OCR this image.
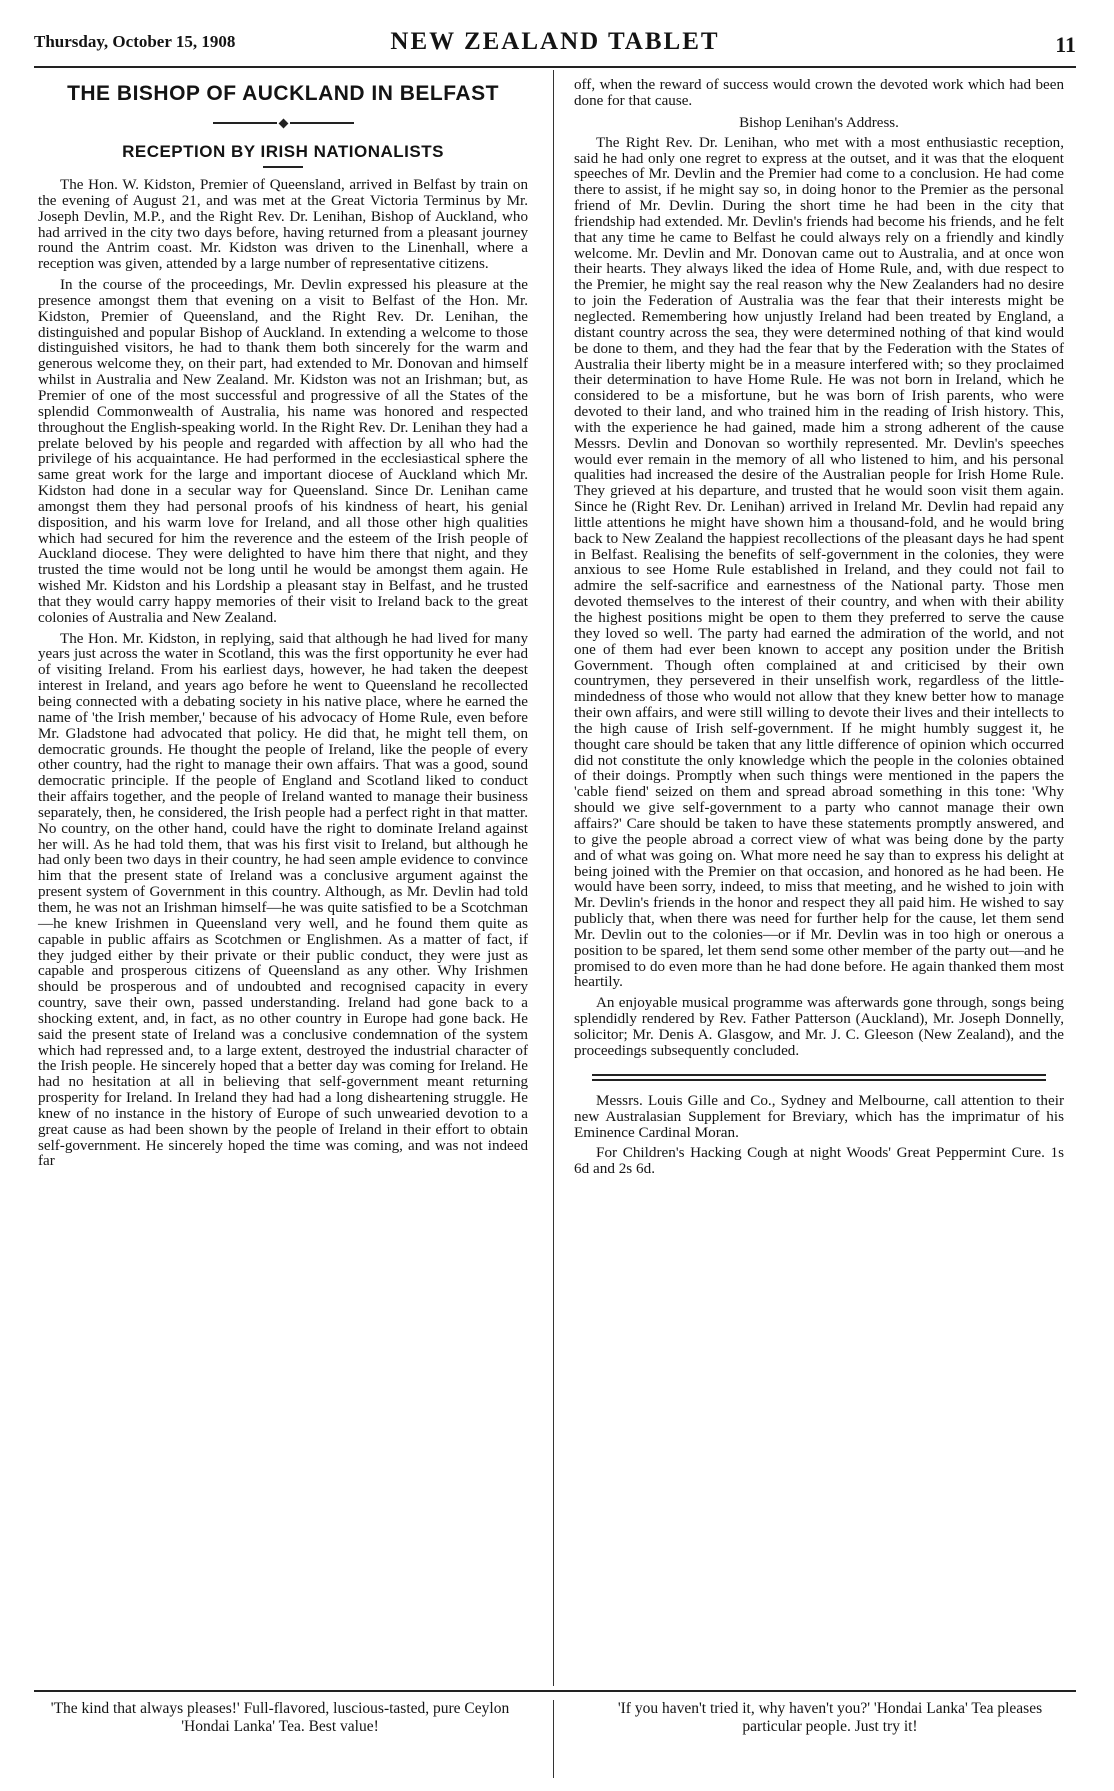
Thursday, October 15, 1908	NEW ZEALAND TABLET	11
THE BISHOP OF AUCKLAND IN BELFAST
RECEPTION BY IRISH NATIONALISTS

The Hon. W. Kidston, Premier of Queensland, arrived in Belfast by train on the evening of August 21, and was met at the Great Victoria Terminus by Mr. Joseph Devlin, M.P., and the Right Rev. Dr. Lenihan, Bishop of Auckland, who had arrived in the city two days before, having returned from a pleasant journey round the Antrim coast. Mr. Kidston was driven to the Linenhall, where a reception was given, attended by a large number of representative citizens.

In the course of the proceedings, Mr. Devlin expressed his pleasure at the presence amongst them that evening on a visit to Belfast of the Hon. Mr. Kidston, Premier of Queensland, and the Right Rev. Dr. Lenihan, the distinguished and popular Bishop of Auckland. In extending a welcome to those distinguished visitors, he had to thank them both sincerely for the warm and generous welcome they, on their part, had extended to Mr. Donovan and himself whilst in Australia and New Zealand. Mr. Kidston was not an Irishman; but, as Premier of one of the most successful and progressive of all the States of the splendid Commonwealth of Australia, his name was honored and respected throughout the English-speaking world. In the Right Rev. Dr. Lenihan they had a prelate beloved by his people and regarded with affection by all who had the privilege of his acquaintance. He had performed in the ecclesiastical sphere the same great work for the large and important diocese of Auckland which Mr. Kidston had done in a secular way for Queensland. Since Dr. Lenihan came amongst them they had personal proofs of his kindness of heart, his genial disposition, and his warm love for Ireland, and all those other high qualities which had secured for him the reverence and the esteem of the Irish people of Auckland diocese. They were delighted to have him there that night, and they trusted the time would not be long until he would be amongst them again. He wished Mr. Kidston and his Lordship a pleasant stay in Belfast, and he trusted that they would carry happy memories of their visit to Ireland back to the great colonies of Australia and New Zealand.

The Hon. Mr. Kidston, in replying, said that although he had lived for many years just across the water in Scotland, this was the first opportunity he ever had of visiting Ireland. From his earliest days, however, he had taken the deepest interest in Ireland, and years ago before he went to Queensland he recollected being connected with a debating society in his native place, where he earned the name of 'the Irish member,' because of his advocacy of Home Rule, even before Mr. Gladstone had advocated that policy. He did that, he might tell them, on democratic grounds. He thought the people of Ireland, like the people of every other country, had the right to manage their own affairs. That was a good, sound democratic principle. If the people of England and Scotland liked to conduct their affairs together, and the people of Ireland wanted to manage their business separately, then, he considered, the Irish people had a perfect right in that matter. No country, on the other hand, could have the right to dominate Ireland against her will. As he had told them, that was his first visit to Ireland, but although he had only been two days in their country, he had seen ample evidence to convince him that the present state of Ireland was a conclusive argument against the present system of Government in this country. Although, as Mr. Devlin had told them, he was not an Irishman himself—he was quite satisfied to be a Scotchman—he knew Irishmen in Queensland very well, and he found them quite as capable in public affairs as Scotchmen or Englishmen. As a matter of fact, if they judged either by their private or their public conduct, they were just as capable and prosperous citizens of Queensland as any other. Why Irishmen should be prosperous and of undoubted and recognised capacity in every country, save their own, passed understanding. Ireland had gone back to a shocking extent, and, in fact, as no other country in Europe had gone back. He said the present state of Ireland was a conclusive condemnation of the system which had repressed and, to a large extent, destroyed the industrial character of the Irish people. He sincerely hoped that a better day was coming for Ireland. He had no hesitation at all in believing that self-government meant returning prosperity for Ireland. In Ireland they had had a long disheartening struggle. He knew of no instance in the history of Europe of such unwearied devotion to a great cause as had been shown by the people of Ireland in their effort to obtain self-government. He sincerely hoped the time was coming, and was not indeed far

off, when the reward of success would crown the devoted work which had been done for that cause.

Bishop Lenihan's Address.

The Right Rev. Dr. Lenihan, who met with a most enthusiastic reception, said he had only one regret to express at the outset, and it was that the eloquent speeches of Mr. Devlin and the Premier had come to a conclusion. He had come there to assist, if he might say so, in doing honor to the Premier as the personal friend of Mr. Devlin. During the short time he had been in the city that friendship had extended. Mr. Devlin's friends had become his friends, and he felt that any time he came to Belfast he could always rely on a friendly and kindly welcome. Mr. Devlin and Mr. Donovan came out to Australia, and at once won their hearts. They always liked the idea of Home Rule, and, with due respect to the Premier, he might say the real reason why the New Zealanders had no desire to join the Federation of Australia was the fear that their interests might be neglected. Remembering how unjustly Ireland had been treated by England, a distant country across the sea, they were determined nothing of that kind would be done to them, and they had the fear that by the Federation with the States of Australia their liberty might be in a measure interfered with; so they proclaimed their determination to have Home Rule. He was not born in Ireland, which he considered to be a misfortune, but he was born of Irish parents, who were devoted to their land, and who trained him in the reading of Irish history. This, with the experience he had gained, made him a strong adherent of the cause Messrs. Devlin and Donovan so worthily represented. Mr. Devlin's speeches would ever remain in the memory of all who listened to him, and his personal qualities had increased the desire of the Australian people for Irish Home Rule. They grieved at his departure, and trusted that he would soon visit them again. Since he (Right Rev. Dr. Lenihan) arrived in Ireland Mr. Devlin had repaid any little attentions he might have shown him a thousand-fold, and he would bring back to New Zealand the happiest recollections of the pleasant days he had spent in Belfast. Realising the benefits of self-government in the colonies, they were anxious to see Home Rule established in Ireland, and they could not fail to admire the self-sacrifice and earnestness of the National party. Those men devoted themselves to the interest of their country, and when with their ability the highest positions might be open to them they preferred to serve the cause they loved so well. The party had earned the admiration of the world, and not one of them had ever been known to accept any position under the British Government. Though often complained at and criticised by their own countrymen, they persevered in their unselfish work, regardless of the little-mindedness of those who would not allow that they knew better how to manage their own affairs, and were still willing to devote their lives and their intellects to the high cause of Irish self-government. If he might humbly suggest it, he thought care should be taken that any little difference of opinion which occurred did not constitute the only knowledge which the people in the colonies obtained of their doings. Promptly when such things were mentioned in the papers the 'cable fiend' seized on them and spread abroad something in this tone: 'Why should we give self-government to a party who cannot manage their own affairs?' Care should be taken to have these statements promptly answered, and to give the people abroad a correct view of what was being done by the party and of what was going on. What more need he say than to express his delight at being joined with the Premier on that occasion, and honored as he had been. He would have been sorry, indeed, to miss that meeting, and he wished to join with Mr. Devlin's friends in the honor and respect they all paid him. He wished to say publicly that, when there was need for further help for the cause, let them send Mr. Devlin out to the colonies—or if Mr. Devlin was in too high or onerous a position to be spared, let them send some other member of the party out—and he promised to do even more than he had done before. He again thanked them most heartily.

An enjoyable musical programme was afterwards gone through, songs being splendidly rendered by Rev. Father Patterson (Auckland), Mr. Joseph Donnelly, solicitor; Mr. Denis A. Glasgow, and Mr. J. C. Gleeson (New Zealand), and the proceedings subsequently concluded.

Messrs. Louis Gille and Co., Sydney and Melbourne, call attention to their new Australasian Supplement for Breviary, which has the imprimatur of his Eminence Cardinal Moran.

For Children's Hacking Cough at night Woods' Great Peppermint Cure. 1s 6d and 2s 6d.

'The kind that always pleases!' Full-flavored, luscious-tasted, pure Ceylon 'Hondai Lanka' Tea. Best value!
'If you haven't tried it, why haven't you?' 'Hondai Lanka' Tea pleases particular people. Just try it!
